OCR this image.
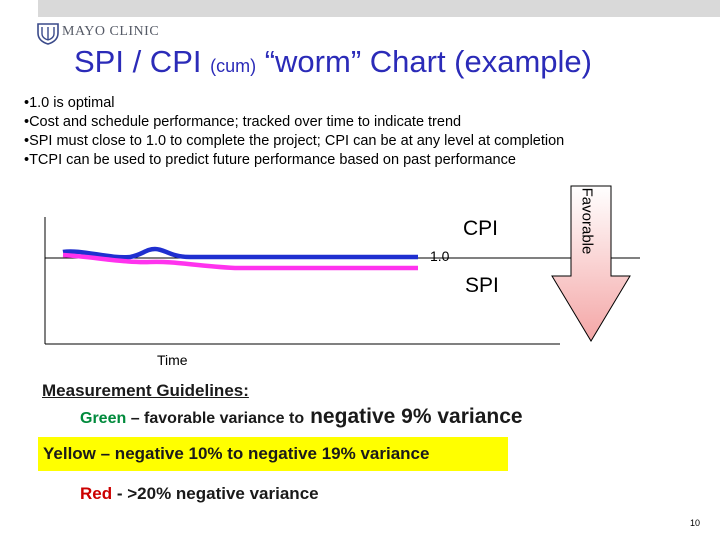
MAYO CLINIC
SPI / CPI (cum) “worm” Chart (example)
• 1.0 is optimal
• Cost and schedule performance; tracked over time to indicate trend
• SPI must close to 1.0 to complete the project; CPI can be at any level at completion
• TCPI can be used to predict future performance based on past performance
Favorable
CPI
1.0
SPI
Time
Measurement Guidelines:
Green – favorable variance to negative 9% variance
Yellow – negative 10% to negative 19% variance
Red - >20% negative variance
10
